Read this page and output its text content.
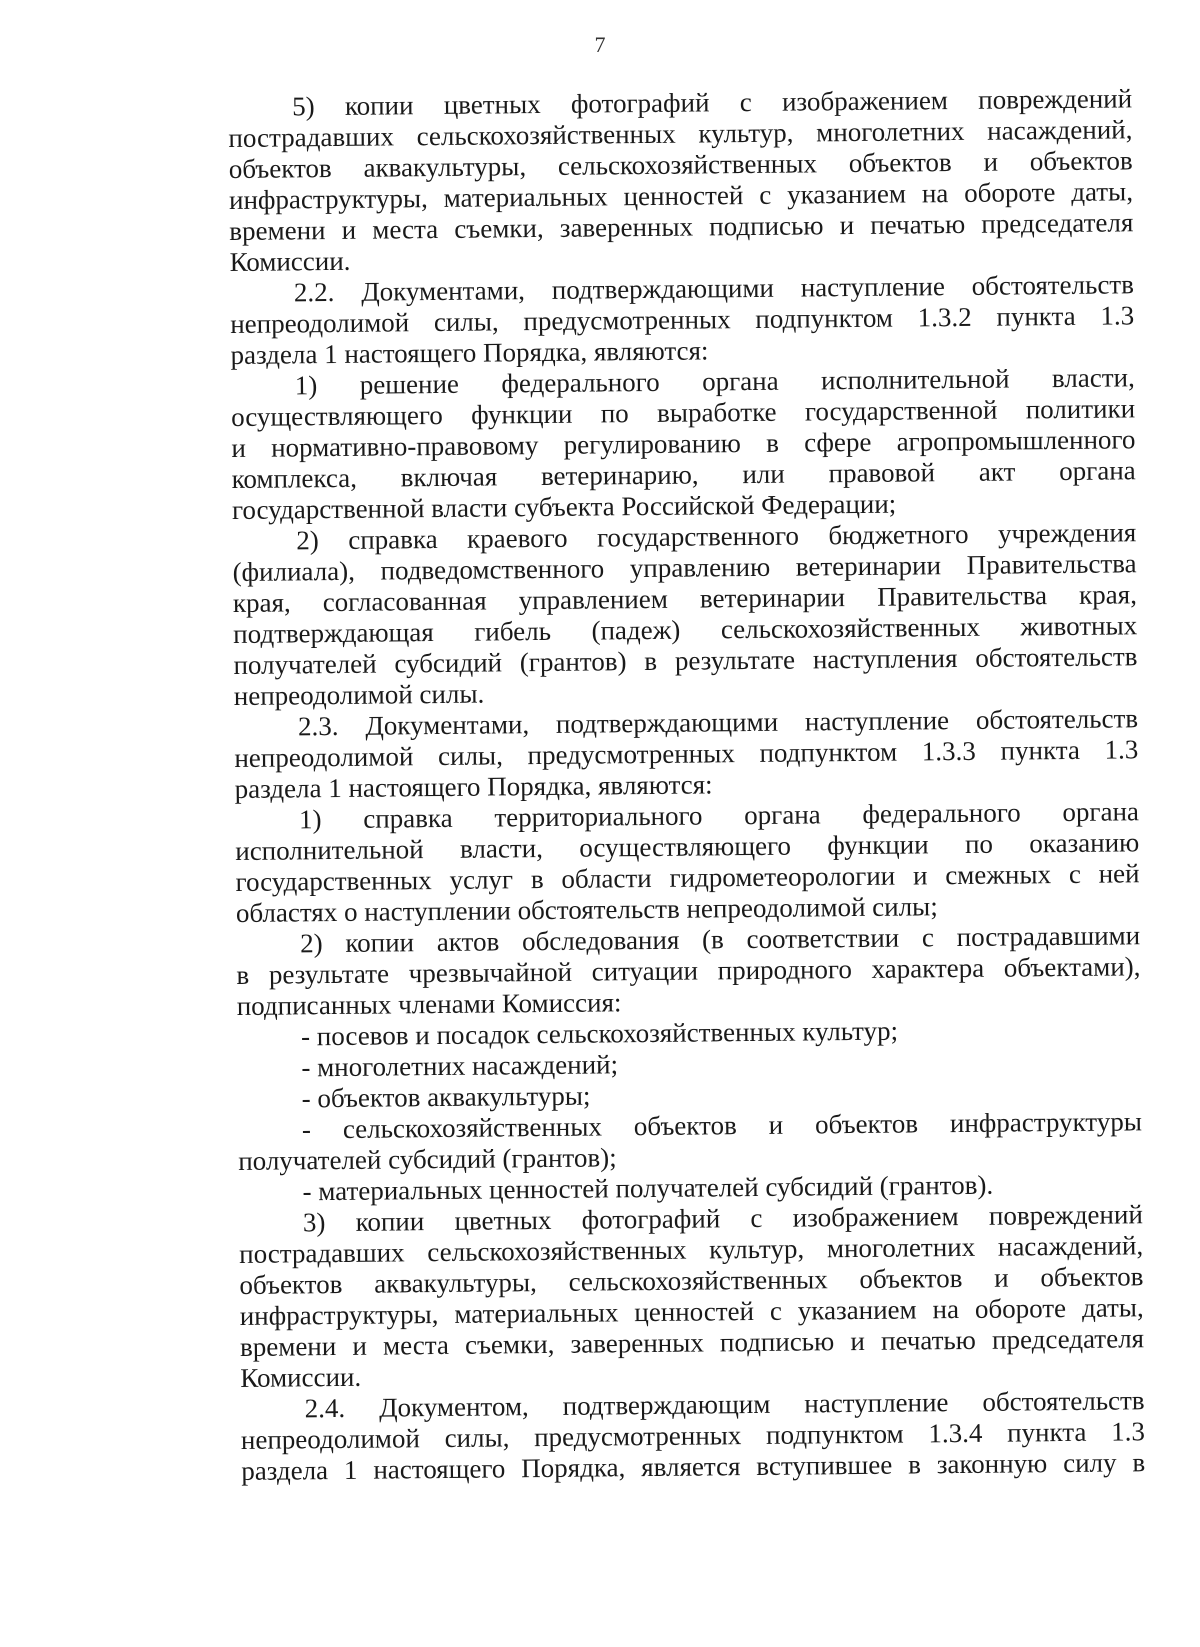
7
5) копии цветных фотографий с изображением повреждений
пострадавших сельскохозяйственных культур, многолетних насаждений,
объектов аквакультуры, сельскохозяйственных объектов и объектов
инфраструктуры, материальных ценностей с указанием на обороте даты,
времени и места съемки, заверенных подписью и печатью председателя
Комиссии.
2.2. Документами, подтверждающими наступление обстоятельств
непреодолимой силы, предусмотренных подпунктом 1.3.2 пункта 1.3
раздела 1 настоящего Порядка, являются:
1) решение федерального органа исполнительной власти,
осуществляющего функции по выработке государственной политики
и нормативно-правовому регулированию в сфере агропромышленного
комплекса, включая ветеринарию, или правовой акт органа
государственной власти субъекта Российской Федерации;
2) справка краевого государственного бюджетного учреждения
(филиала), подведомственного управлению ветеринарии Правительства
края, согласованная управлением ветеринарии Правительства края,
подтверждающая гибель (падеж) сельскохозяйственных животных
получателей субсидий (грантов) в результате наступления обстоятельств
непреодолимой силы.
2.3. Документами, подтверждающими наступление обстоятельств
непреодолимой силы, предусмотренных подпунктом 1.3.3 пункта 1.3
раздела 1 настоящего Порядка, являются:
1) справка территориального органа федерального органа
исполнительной власти, осуществляющего функции по оказанию
государственных услуг в области гидрометеорологии и смежных с ней
областях о наступлении обстоятельств непреодолимой силы;
2) копии актов обследования (в соответствии с пострадавшими
в результате чрезвычайной ситуации природного характера объектами),
подписанных членами Комиссия:
- посевов и посадок сельскохозяйственных культур;
- многолетних насаждений;
- объектов аквакультуры;
- сельскохозяйственных объектов и объектов инфраструктуры
получателей субсидий (грантов);
- материальных ценностей получателей субсидий (грантов).
3) копии цветных фотографий с изображением повреждений
пострадавших сельскохозяйственных культур, многолетних насаждений,
объектов аквакультуры, сельскохозяйственных объектов и объектов
инфраструктуры, материальных ценностей с указанием на обороте даты,
времени и места съемки, заверенных подписью и печатью председателя
Комиссии.
2.4. Документом, подтверждающим наступление обстоятельств
непреодолимой силы, предусмотренных подпунктом 1.3.4 пункта 1.3
раздела 1 настоящего Порядка, является вступившее в законную силу в
